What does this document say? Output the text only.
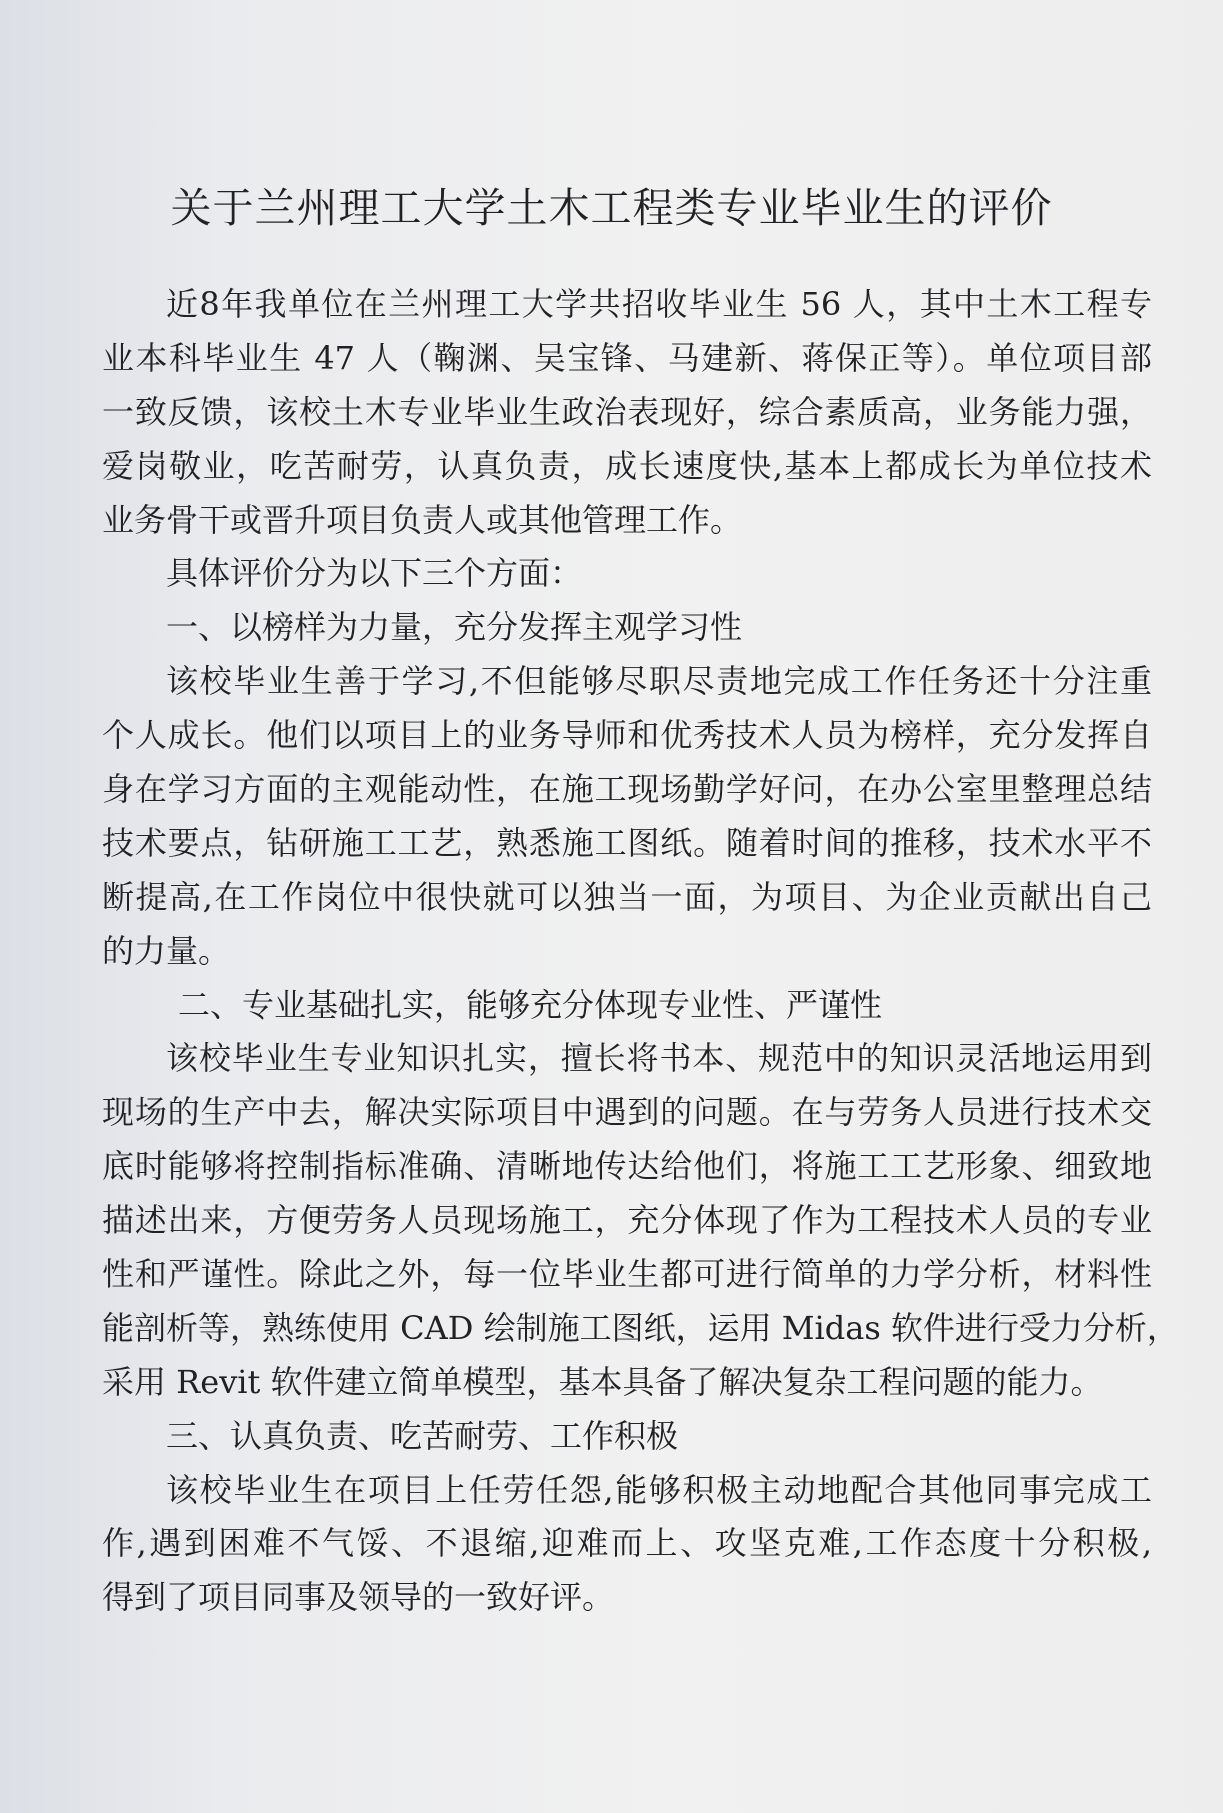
关于兰州理工大学土木工程类专业毕业生的评价
近8年我单位在兰州理工大学共招收毕业生 56 人，其中土木工程专
业本科毕业生 47 人（鞠渊、吴宝锋、马建新、蒋保正等）。单位项目部
一致反馈，该校土木专业毕业生政治表现好，综合素质高，业务能力强，
爱岗敬业，吃苦耐劳，认真负责，成长速度快,基本上都成长为单位技术
业务骨干或晋升项目负责人或其他管理工作。
具体评价分为以下三个方面：
一、以榜样为力量，充分发挥主观学习性
该校毕业生善于学习,不但能够尽职尽责地完成工作任务还十分注重
个人成长。他们以项目上的业务导师和优秀技术人员为榜样，充分发挥自
身在学习方面的主观能动性，在施工现场勤学好问，在办公室里整理总结
技术要点，钻研施工工艺，熟悉施工图纸。随着时间的推移，技术水平不
断提高,在工作岗位中很快就可以独当一面，为项目、为企业贡献出自己
的力量。
二、专业基础扎实，能够充分体现专业性、严谨性
该校毕业生专业知识扎实，擅长将书本、规范中的知识灵活地运用到
现场的生产中去，解决实际项目中遇到的问题。在与劳务人员进行技术交
底时能够将控制指标准确、清晰地传达给他们，将施工工艺形象、细致地
描述出来，方便劳务人员现场施工，充分体现了作为工程技术人员的专业
性和严谨性。除此之外，每一位毕业生都可进行简单的力学分析，材料性
能剖析等，熟练使用 CAD 绘制施工图纸，运用 Midas 软件进行受力分析，
采用 Revit 软件建立简单模型，基本具备了解决复杂工程问题的能力。
三、认真负责、吃苦耐劳、工作积极
该校毕业生在项目上任劳任怨,能够积极主动地配合其他同事完成工
作,遇到困难不气馁、不退缩,迎难而上、攻坚克难,工作态度十分积极,
得到了项目同事及领导的一致好评。
